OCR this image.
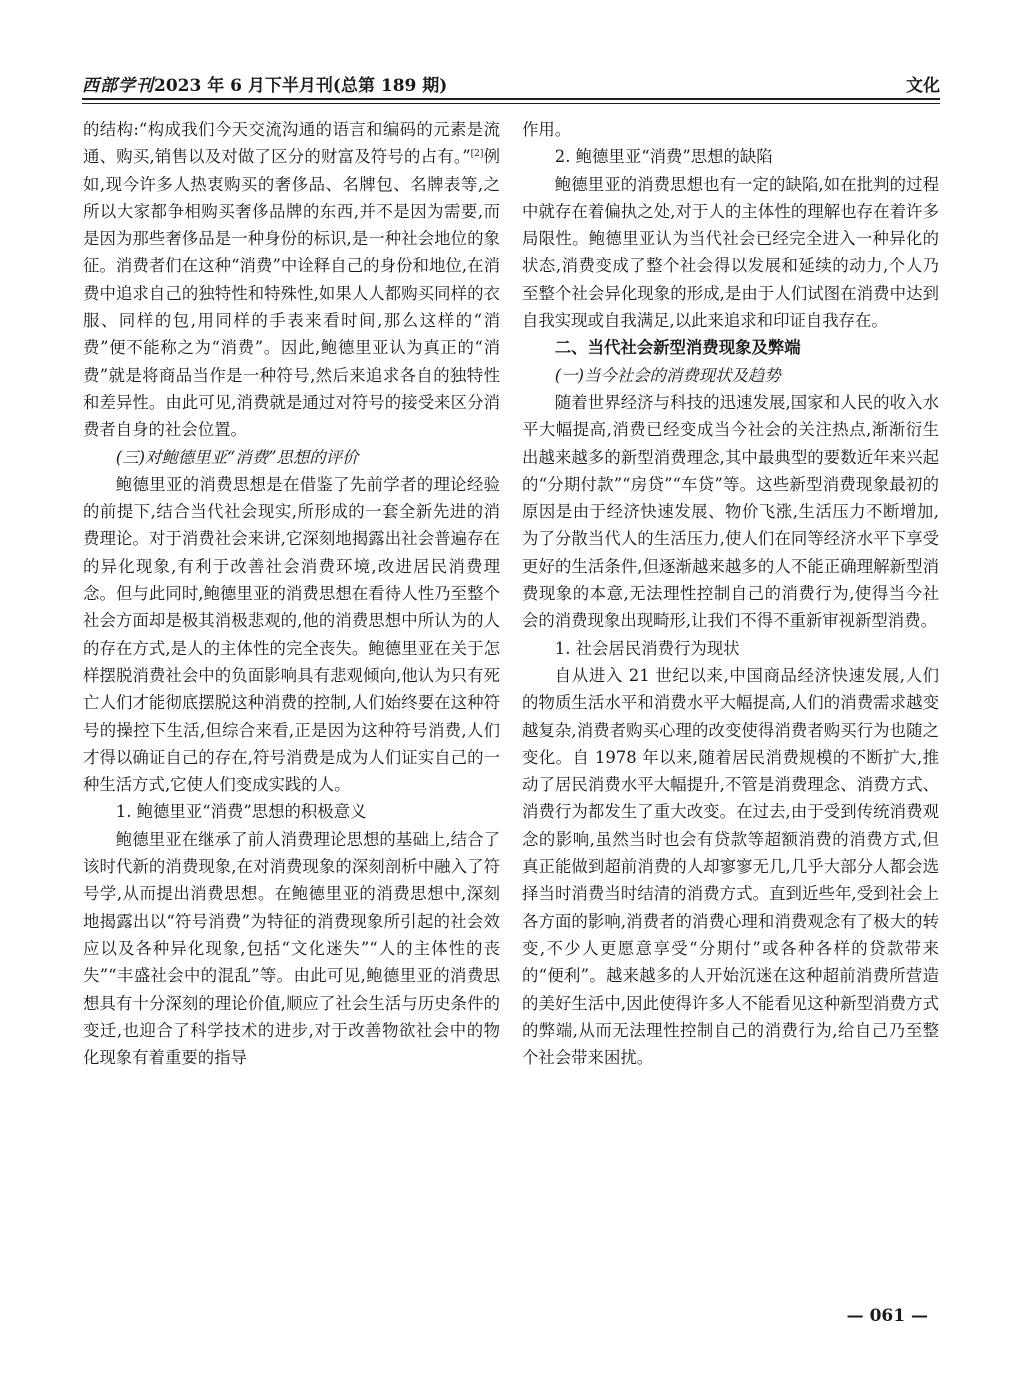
西部学刊2023 年 6 月下半月刊(总第 189 期)	文化

的结构:“构成我们今天交流沟通的语言和编码的元素是流通、购买,销售以及对做了区分的财富及符号的占有。”[2]例如,现今许多人热衷购买的奢侈品、名牌包、名牌表等,之所以大家都争相购买奢侈品牌的东西,并不是因为需要,而是因为那些奢侈品是一种身份的标识,是一种社会地位的象征。消费者们在这种“消费”中诠释自己的身份和地位,在消费中追求自己的独特性和特殊性,如果人人都购买同样的衣服、同样的包,用同样的手表来看时间,那么这样的“消费”便不能称之为“消费”。因此,鲍德里亚认为真正的“消费”就是将商品当作是一种符号,然后来追求各自的独特性和差异性。由此可见,消费就是通过对符号的接受来区分消费者自身的社会位置。

(三)对鲍德里亚“消费”思想的评价

鲍德里亚的消费思想是在借鉴了先前学者的理论经验的前提下,结合当代社会现实,所形成的一套全新先进的消费理论。对于消费社会来讲,它深刻地揭露出社会普遍存在的异化现象,有利于改善社会消费环境,改进居民消费理念。但与此同时,鲍德里亚的消费思想在看待人性乃至整个社会方面却是极其消极悲观的,他的消费思想中所认为的人的存在方式,是人的主体性的完全丧失。鲍德里亚在关于怎样摆脱消费社会中的负面影响具有悲观倾向,他认为只有死亡人们才能彻底摆脱这种消费的控制,人们始终要在这种符号的操控下生活,但综合来看,正是因为这种符号消费,人们才得以确证自己的存在,符号消费是成为人们证实自己的一种生活方式,它使人们变成实践的人。

1. 鲍德里亚“消费”思想的积极意义

鲍德里亚在继承了前人消费理论思想的基础上,结合了该时代新的消费现象,在对消费现象的深刻剖析中融入了符号学,从而提出消费思想。在鲍德里亚的消费思想中,深刻地揭露出以“符号消费”为特征的消费现象所引起的社会效应以及各种异化现象,包括“文化迷失”“人的主体性的丧失”“丰盛社会中的混乱”等。由此可见,鲍德里亚的消费思想具有十分深刻的理论价值,顺应了社会生活与历史条件的变迁,也迎合了科学技术的进步,对于改善物欲社会中的物化现象有着重要的指导

作用。

2. 鲍德里亚“消费”思想的缺陷

鲍德里亚的消费思想也有一定的缺陷,如在批判的过程中就存在着偏执之处,对于人的主体性的理解也存在着许多局限性。鲍德里亚认为当代社会已经完全进入一种异化的状态,消费变成了整个社会得以发展和延续的动力,个人乃至整个社会异化现象的形成,是由于人们试图在消费中达到自我实现或自我满足,以此来追求和印证自我存在。

二、当代社会新型消费现象及弊端

(一)当今社会的消费现状及趋势

随着世界经济与科技的迅速发展,国家和人民的收入水平大幅提高,消费已经变成当今社会的关注热点,渐渐衍生出越来越多的新型消费理念,其中最典型的要数近年来兴起的“分期付款”“房贷”“车贷”等。这些新型消费现象最初的原因是由于经济快速发展、物价飞涨,生活压力不断增加,为了分散当代人的生活压力,使人们在同等经济水平下享受更好的生活条件,但逐渐越来越多的人不能正确理解新型消费现象的本意,无法理性控制自己的消费行为,使得当今社会的消费现象出现畸形,让我们不得不重新审视新型消费。

1. 社会居民消费行为现状

自从进入 21 世纪以来,中国商品经济快速发展,人们的物质生活水平和消费水平大幅提高,人们的消费需求越变越复杂,消费者购买心理的改变使得消费者购买行为也随之变化。自 1978 年以来,随着居民消费规模的不断扩大,推动了居民消费水平大幅提升,不管是消费理念、消费方式、消费行为都发生了重大改变。在过去,由于受到传统消费观念的影响,虽然当时也会有贷款等超额消费的消费方式,但真正能做到超前消费的人却寥寥无几,几乎大部分人都会选择当时消费当时结清的消费方式。直到近些年,受到社会上各方面的影响,消费者的消费心理和消费观念有了极大的转变,不少人更愿意享受“分期付”或各种各样的贷款带来的“便利”。越来越多的人开始沉迷在这种超前消费所营造的美好生活中,因此使得许多人不能看见这种新型消费方式的弊端,从而无法理性控制自己的消费行为,给自己乃至整个社会带来困扰。

— 061 —
